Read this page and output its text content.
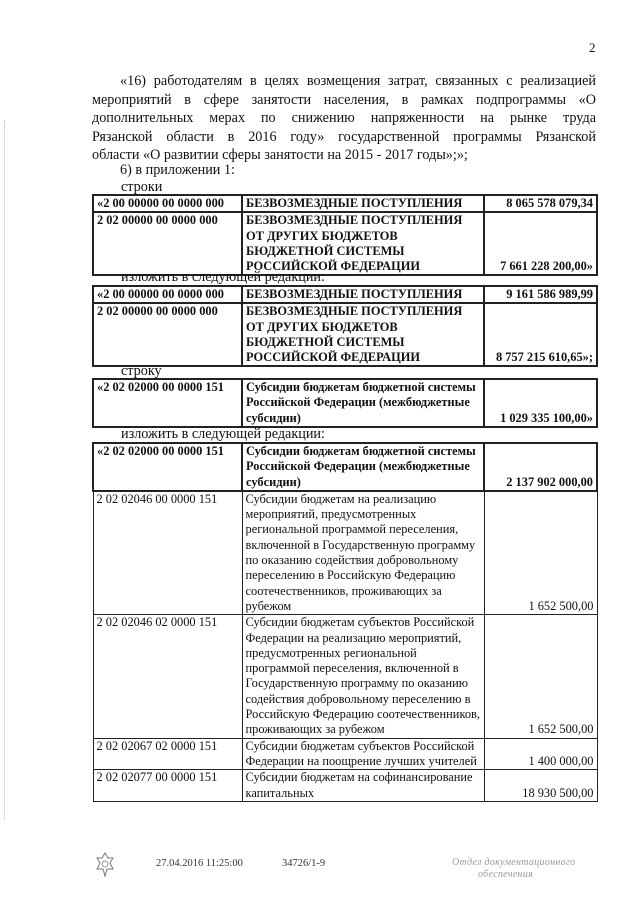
2
«16) работодателям в целях возмещения затрат, связанных с реализацией
мероприятий в сфере занятости населения, в рамках подпрограммы «О
дополнительных мерах по снижению напряженности на рынке труда
Рязанской области в 2016 году» государственной программы Рязанской
области «О развитии сферы занятости на 2015 - 2017 годы»;»;
6) в приложении 1:
строки
«2 00 00000 00 0000 000	БЕЗВОЗМЕЗДНЫЕ ПОСТУПЛЕНИЯ	8 065 578 079,34
2 02 00000 00 0000 000	БЕЗВОЗМЕЗДНЫЕ ПОСТУПЛЕНИЯ ОТ ДРУГИХ БЮДЖЕТОВ БЮДЖЕТНОЙ СИСТЕМЫ РОССИЙСКОЙ ФЕДЕРАЦИИ	7 661 228 200,00»
изложить в следующей редакции:
«2 00 00000 00 0000 000	БЕЗВОЗМЕЗДНЫЕ ПОСТУПЛЕНИЯ	9 161 586 989,99
2 02 00000 00 0000 000	БЕЗВОЗМЕЗДНЫЕ ПОСТУПЛЕНИЯ ОТ ДРУГИХ БЮДЖЕТОВ БЮДЖЕТНОЙ СИСТЕМЫ РОССИЙСКОЙ ФЕДЕРАЦИИ	8 757 215 610,65»;
строку
«2 02 02000 00 0000 151	Субсидии бюджетам бюджетной системы Российской Федерации (межбюджетные субсидии)	1 029 335 100,00»
изложить в следующей редакции:
«2 02 02000 00 0000 151	Субсидии бюджетам бюджетной системы Российской Федерации (межбюджетные субсидии)	2 137 902 000,00
2 02 02046 00 0000 151	Субсидии бюджетам на реализацию мероприятий, предусмотренных региональной программой переселения, включенной в Государственную программу по оказанию содействия добровольному переселению в Российскую Федерацию соотечественников, проживающих за рубежом	1 652 500,00
2 02 02046 02 0000 151	Субсидии бюджетам субъектов Российской Федерации на реализацию мероприятий, предусмотренных региональной программой переселения, включенной в Государственную программу по оказанию содействия добровольному переселению в Российскую Федерацию соотечественников, проживающих за рубежом	1 652 500,00
2 02 02067 02 0000 151	Субсидии бюджетам субъектов Российской Федерации на поощрение лучших учителей	1 400 000,00
2 02 02077 00 0000 151	Субсидии бюджетам на софинансирование капитальных	18 930 500,00
27.04.2016 11:25:00	34726/1-9	Отдел документационного
обеспечения
